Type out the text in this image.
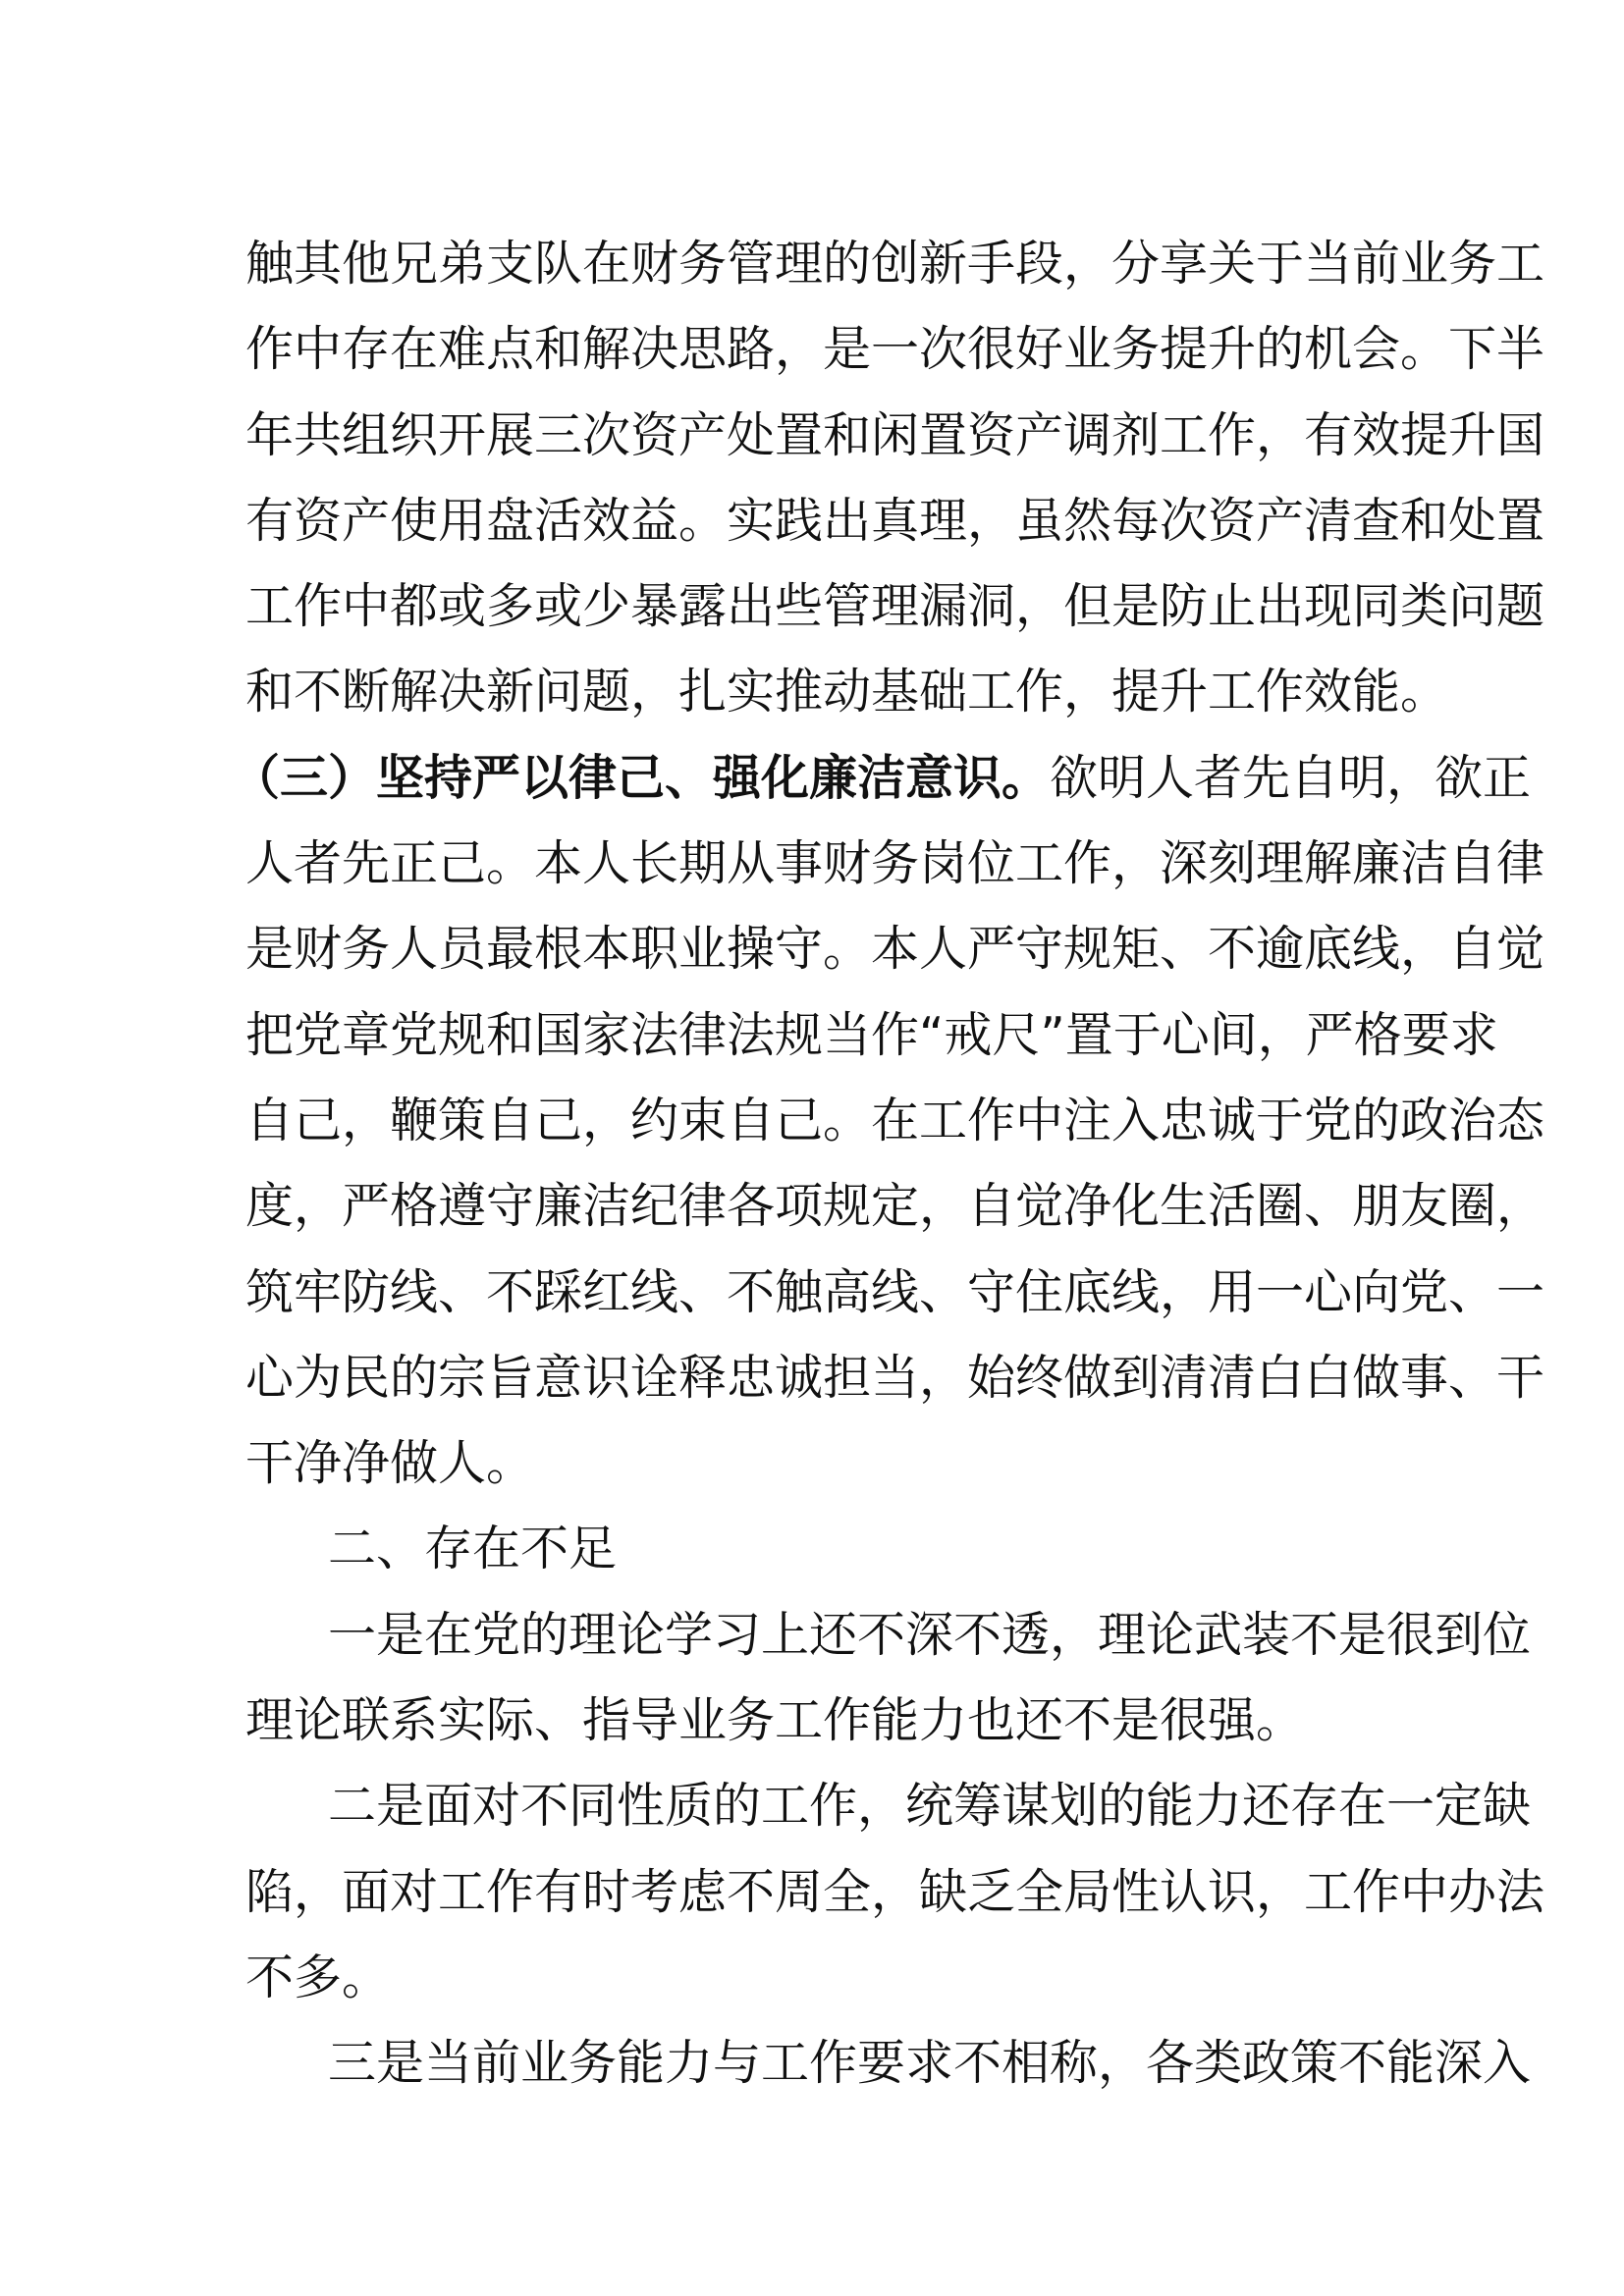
触其他兄弟支队在财务管理的创新手段，分享关于当前业务工
作中存在难点和解决思路，是一次很好业务提升的机会。下半
年共组织开展三次资产处置和闲置资产调剂工作，有效提升国
有资产使用盘活效益。实践出真理，虽然每次资产清查和处置
工作中都或多或少暴露出些管理漏洞，但是防止出现同类问题
和不断解决新问题，扎实推动基础工作，提升工作效能。
（三）坚持严以律己、强化廉洁意识。欲明人者先自明，欲正
人者先正己。本人长期从事财务岗位工作，深刻理解廉洁自律
是财务人员最根本职业操守。本人严守规矩、不逾底线，自觉
把党章党规和国家法律法规当作“戒尺”置于心间，严格要求
自己，鞭策自己，约束自己。在工作中注入忠诚于党的政治态
度，严格遵守廉洁纪律各项规定，自觉净化生活圈、朋友圈，
筑牢防线、不踩红线、不触高线、守住底线，用一心向党、一
心为民的宗旨意识诠释忠诚担当，始终做到清清白白做事、干
干净净做人。
二、存在不足
一是在党的理论学习上还不深不透，理论武装不是很到位
理论联系实际、指导业务工作能力也还不是很强。
二是面对不同性质的工作，统筹谋划的能力还存在一定缺
陷，面对工作有时考虑不周全，缺乏全局性认识，工作中办法
不多。
三是当前业务能力与工作要求不相称，各类政策不能深入
